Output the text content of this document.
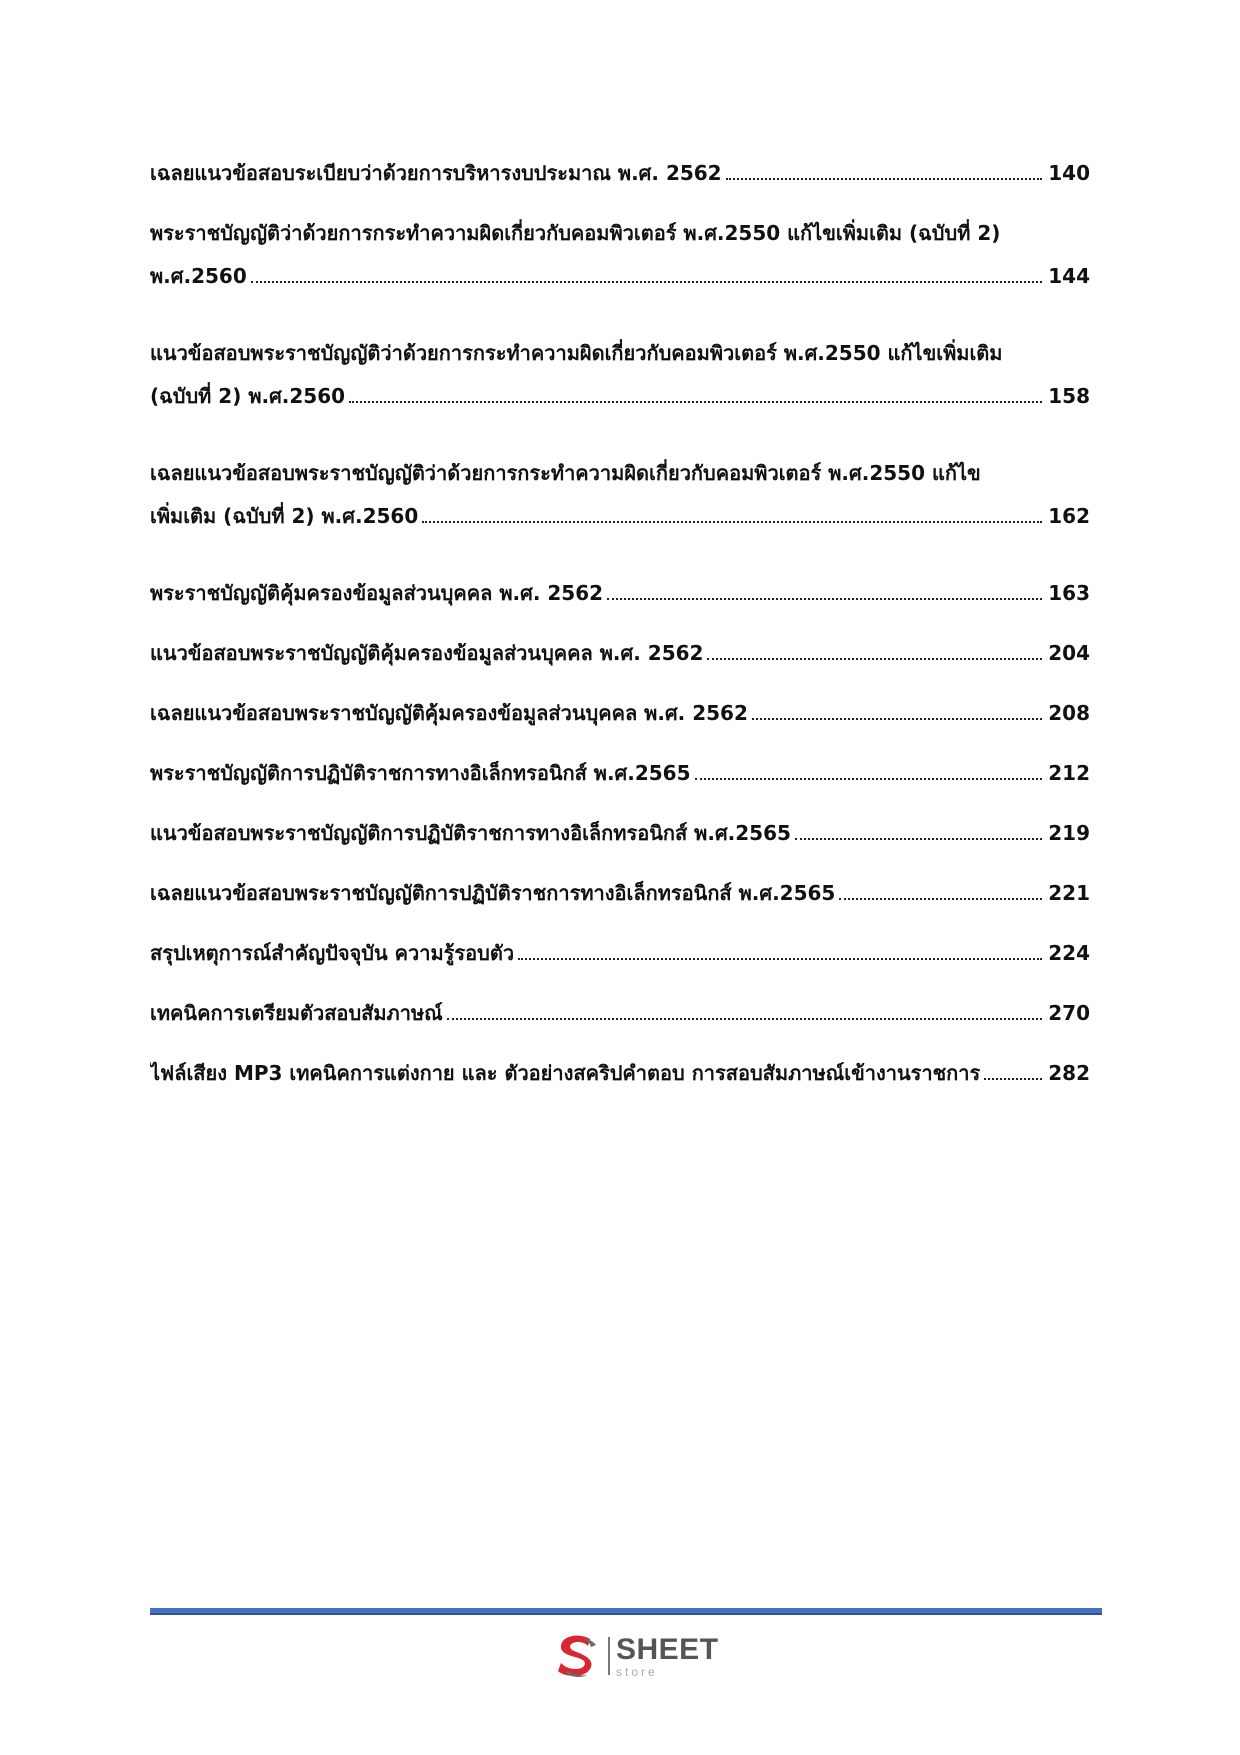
เฉลยแนวข้อสอบระเบียบว่าด้วยการบริหารงบประมาณ พ.ศ. 2562	140
พระราชบัญญัติว่าด้วยการกระทำความผิดเกี่ยวกับคอมพิวเตอร์ พ.ศ.2550 แก้ไขเพิ่มเติม (ฉบับที่ 2)
พ.ศ.2560	144
แนวข้อสอบพระราชบัญญัติว่าด้วยการกระทำความผิดเกี่ยวกับคอมพิวเตอร์ พ.ศ.2550 แก้ไขเพิ่มเติม
(ฉบับที่ 2) พ.ศ.2560	158
เฉลยแนวข้อสอบพระราชบัญญัติว่าด้วยการกระทำความผิดเกี่ยวกับคอมพิวเตอร์ พ.ศ.2550 แก้ไข
เพิ่มเติม (ฉบับที่ 2) พ.ศ.2560	162
พระราชบัญญัติคุ้มครองข้อมูลส่วนบุคคล พ.ศ. 2562	163
แนวข้อสอบพระราชบัญญัติคุ้มครองข้อมูลส่วนบุคคล พ.ศ. 2562	204
เฉลยแนวข้อสอบพระราชบัญญัติคุ้มครองข้อมูลส่วนบุคคล พ.ศ. 2562	208
พระราชบัญญัติการปฏิบัติราชการทางอิเล็กทรอนิกส์ พ.ศ.2565	212
แนวข้อสอบพระราชบัญญัติการปฏิบัติราชการทางอิเล็กทรอนิกส์ พ.ศ.2565	219
เฉลยแนวข้อสอบพระราชบัญญัติการปฏิบัติราชการทางอิเล็กทรอนิกส์ พ.ศ.2565	221
สรุปเหตุการณ์สำคัญปัจจุบัน ความรู้รอบตัว	224
เทคนิคการเตรียมตัวสอบสัมภาษณ์	270
ไฟล์เสียง MP3 เทคนิคการแต่งกาย และ ตัวอย่างสคริปคำตอบ การสอบสัมภาษณ์เข้างานราชการ	282
SHEET
store
